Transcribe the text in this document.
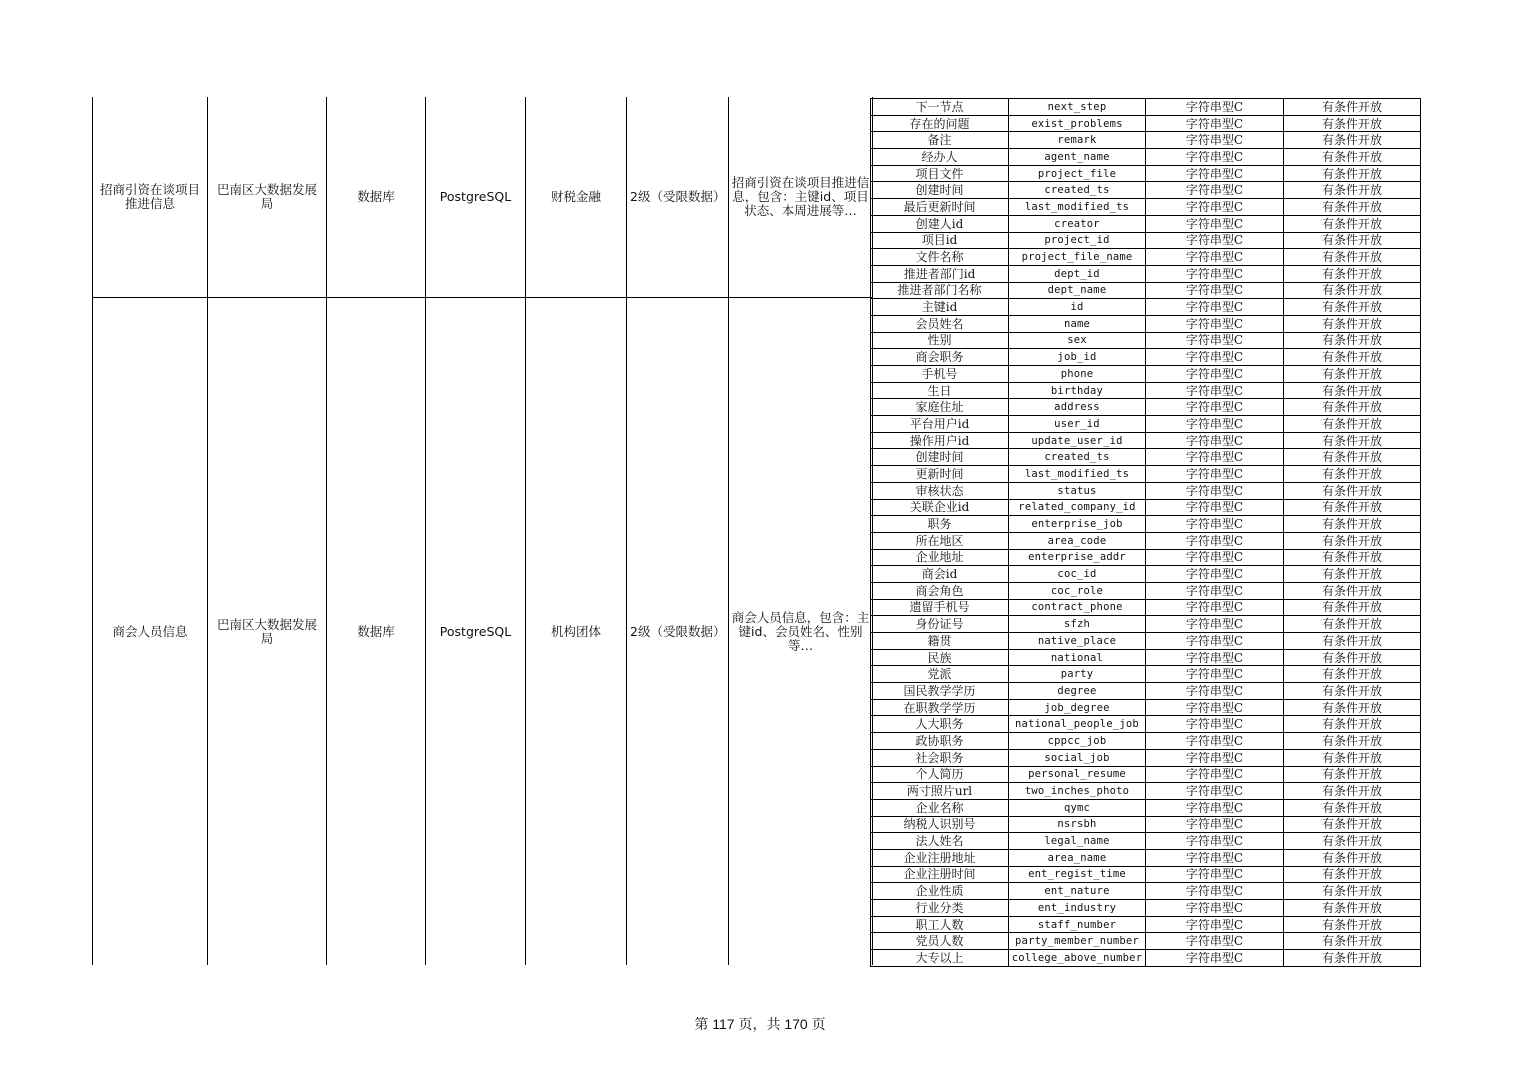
招商引资在谈项目推进信息	巴南区大数据发展局	数据库	PostgreSQL	财税金融	2级（受限数据）	招商引资在谈项目推进信息，包含：主键id、项目状态、本周进展等…
商会人员信息	巴南区大数据发展局	数据库	PostgreSQL	机构团体	2级（受限数据）	商会人员信息，包含：主键id、会员姓名、性别等…
下一节点	next_step	字符串型C	有条件开放
存在的问题	exist_problems	字符串型C	有条件开放
备注	remark	字符串型C	有条件开放
经办人	agent_name	字符串型C	有条件开放
项目文件	project_file	字符串型C	有条件开放
创建时间	created_ts	字符串型C	有条件开放
最后更新时间	last_modified_ts	字符串型C	有条件开放
创建人id	creator	字符串型C	有条件开放
项目id	project_id	字符串型C	有条件开放
文件名称	project_file_name	字符串型C	有条件开放
推进者部门id	dept_id	字符串型C	有条件开放
推进者部门名称	dept_name	字符串型C	有条件开放
主键id	id	字符串型C	有条件开放
会员姓名	name	字符串型C	有条件开放
性别	sex	字符串型C	有条件开放
商会职务	job_id	字符串型C	有条件开放
手机号	phone	字符串型C	有条件开放
生日	birthday	字符串型C	有条件开放
家庭住址	address	字符串型C	有条件开放
平台用户id	user_id	字符串型C	有条件开放
操作用户id	update_user_id	字符串型C	有条件开放
创建时间	created_ts	字符串型C	有条件开放
更新时间	last_modified_ts	字符串型C	有条件开放
审核状态	status	字符串型C	有条件开放
关联企业id	related_company_id	字符串型C	有条件开放
职务	enterprise_job	字符串型C	有条件开放
所在地区	area_code	字符串型C	有条件开放
企业地址	enterprise_addr	字符串型C	有条件开放
商会id	coc_id	字符串型C	有条件开放
商会角色	coc_role	字符串型C	有条件开放
遗留手机号	contract_phone	字符串型C	有条件开放
身份证号	sfzh	字符串型C	有条件开放
籍贯	native_place	字符串型C	有条件开放
民族	national	字符串型C	有条件开放
党派	party	字符串型C	有条件开放
国民教学学历	degree	字符串型C	有条件开放
在职教学学历	job_degree	字符串型C	有条件开放
人大职务	national_people_job	字符串型C	有条件开放
政协职务	cppcc_job	字符串型C	有条件开放
社会职务	social_job	字符串型C	有条件开放
个人简历	personal_resume	字符串型C	有条件开放
两寸照片url	two_inches_photo	字符串型C	有条件开放
企业名称	qymc	字符串型C	有条件开放
纳税人识别号	nsrsbh	字符串型C	有条件开放
法人姓名	legal_name	字符串型C	有条件开放
企业注册地址	area_name	字符串型C	有条件开放
企业注册时间	ent_regist_time	字符串型C	有条件开放
企业性质	ent_nature	字符串型C	有条件开放
行业分类	ent_industry	字符串型C	有条件开放
职工人数	staff_number	字符串型C	有条件开放
党员人数	party_member_number	字符串型C	有条件开放
大专以上	college_above_number	字符串型C	有条件开放
第 117 页，共 170 页
